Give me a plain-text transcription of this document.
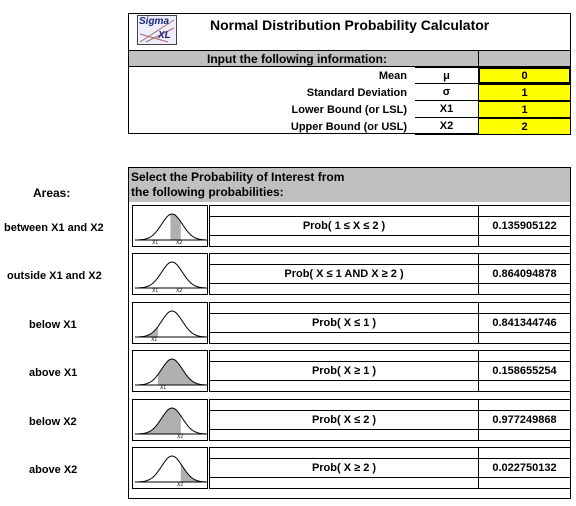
Sigma
XL
Normal Distribution Probability Calculator
Input the following information:
Mean	μ	0
Standard Deviation	σ	1
Lower Bound (or LSL)	X1	1
Upper Bound (or USL)	X2	2
Areas:
Select the Probability of Interest from
the following probabilities:
between X1 and X2
X1	X2
Prob( 1 ≤ X ≤ 2 )	0.135905122
outside X1 and X2
X1	X2
Prob( X ≤ 1 AND X ≥ 2 )	0.864094878
below X1
X1
Prob( X ≤ 1 )	0.841344746
above X1
X1
Prob( X ≥ 1 )	0.158655254
below X2
X2
Prob( X ≤ 2 )	0.977249868
above X2
X2
Prob( X ≥ 2 )	0.022750132
